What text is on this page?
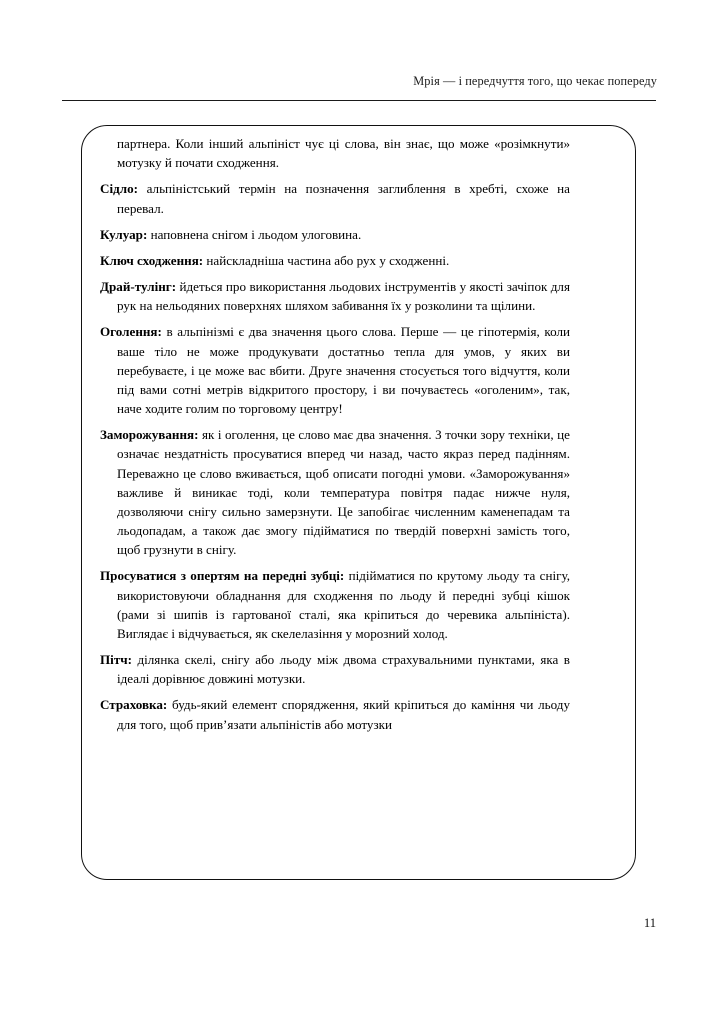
Мрія — і передчуття того, що чекає попереду

партнера. Коли інший альпініст чує ці слова, він знає, що може «розімкнути» мотузку й почати сходження.

Сідло: альпіністський термін на позначення заглиблення в хребті, схоже на перевал.

Кулуар: наповнена снігом і льодом улоговина.

Ключ сходження: найскладніша частина або рух у сходженні.

Драй-тулінг: йдеться про використання льодових інструментів у якості зачіпок для рук на нельодяних поверхнях шляхом забивання їх у розколини та щілини.

Оголення: в альпінізмі є два значення цього слова. Перше — це гіпотермія, коли ваше тіло не може продукувати достатньо тепла для умов, у яких ви перебуваєте, і це може вас вбити. Друге значення стосується того відчуття, коли під вами сотні метрів відкритого простору, і ви почуваєтесь «оголеним», так, наче ходите голим по торговому центру!

Заморожування: як і оголення, це слово має два значення. З точки зору техніки, це означає нездатність просуватися вперед чи назад, часто якраз перед падінням. Переважно це слово вживається, щоб описати погодні умови. «Заморожування» важливе й виникає тоді, коли температура повітря падає нижче нуля, дозволяючи снігу сильно замерзнути. Це запобігає численним каменепадам та льодопадам, а також дає змогу підійматися по твердій поверхні замість того, щоб грузнути в снігу.

Просуватися з опертям на передні зубці: підійматися по крутому льоду та снігу, використовуючи обладнання для сходження по льоду й передні зубці кішок (рами зі шипів із гартованої сталі, яка кріпиться до черевика альпініста). Виглядає і відчувається, як скелелазіння у морозний холод.

Пітч: ділянка скелі, снігу або льоду між двома страхувальними пунктами, яка в ідеалі дорівнює довжині мотузки.

Страховка: будь-який елемент спорядження, який кріпиться до каміння чи льоду для того, щоб прив’язати альпіністів або мотузки

11
